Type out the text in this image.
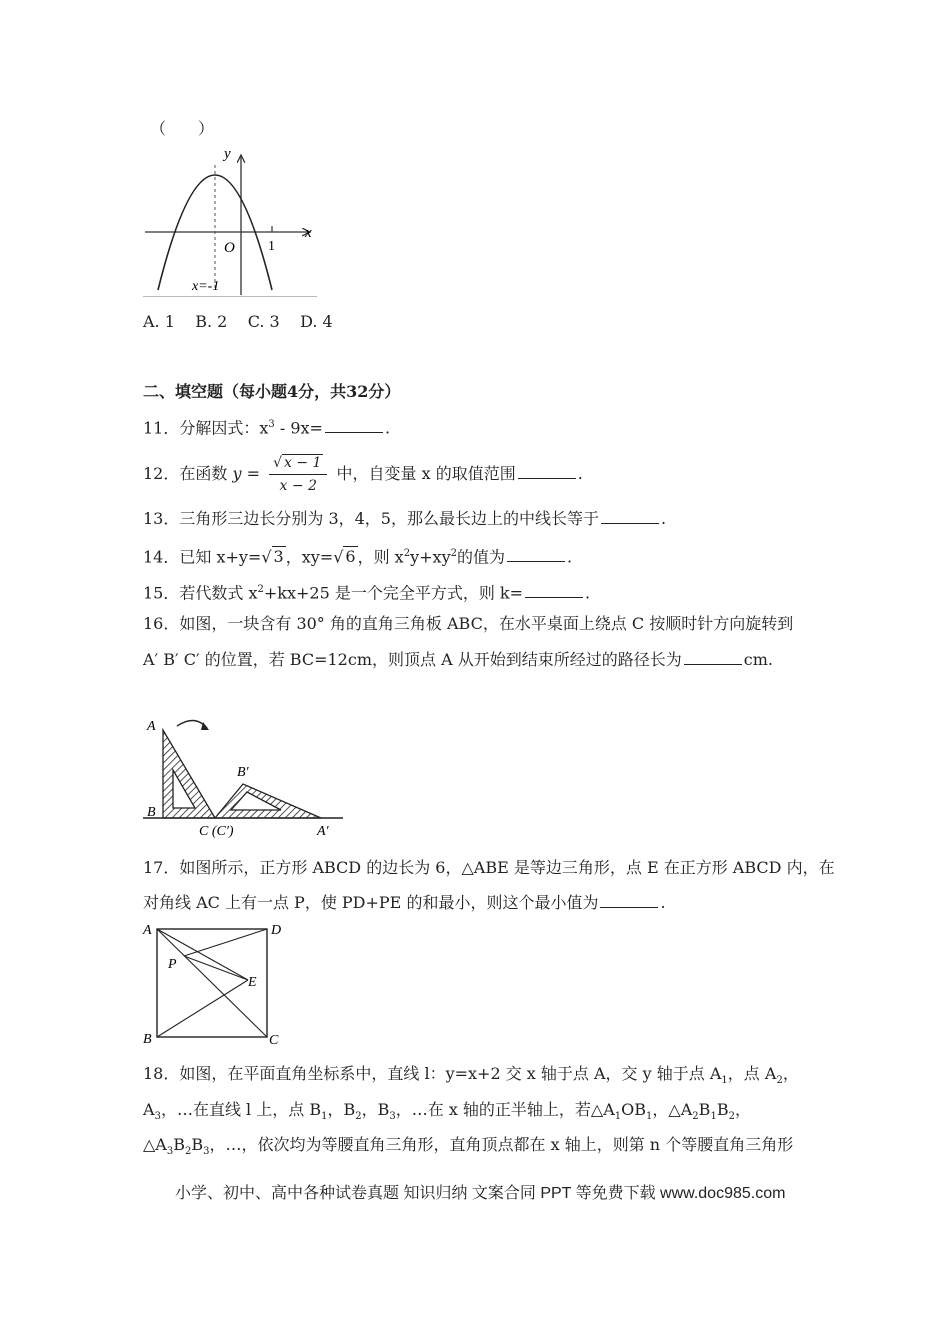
（　　）
y
x
O 1
x=-1
A. 1    B. 2    C. 3    D. 4
二、填空题（每小题4分，共32分）
11．分解因式：$x^3 - 9x=$	.
12．在函数 $y = \frac{√ x - 1}{x - 2}$ 中，自变量 x 的取值范围	.
13．三角形三边长分别为 3，4，5，那么最长边上的中线长等于	.
14．已知 x+y=√ 3 ，xy=√ 6 ，则 $x^2y+xy^2$的值为	.
15．若代数式 $x^2+kx+25$ 是一个完全平方式，则 k=	.
16．如图，一块含有 30° 角的直角三角板 ABC，在水平桌面上绕点 C 按顺时针方向旋转到
A′ B′ C′ 的位置，若 BC=12cm，则顶点 A 从开始到结束所经过的路径长为	cm.
A
B
C (C′)
B′
A′
17．如图所示，正方形 ABCD 的边长为 6，△ABE 是等边三角形，点 E 在正方形 ABCD 内，在
对角线 AC 上有一点 P，使 PD+PE 的和最小，则这个最小值为	.
A	D
B	C
P
E
18．如图，在平面直角坐标系中，直线 l：y=x+2 交 x 轴于点 A，交 y 轴于点 $A_1$，点 $A_2$，
$A_3$，…在直线 l 上，点 $B_1$，$B_2$，$B_3$，…在 x 轴的正半轴上，若$\triangle A_1OB_1$，$\triangle A_2B_1B_2$，
$\triangle A_3B_2B_3$，…，依次均为等腰直角三角形，直角顶点都在 x 轴上，则第 n 个等腰直角三角形
小学、初中、高中各种试卷真题 知识归纳 文案合同 PPT 等免费下载 www.doc985.com
